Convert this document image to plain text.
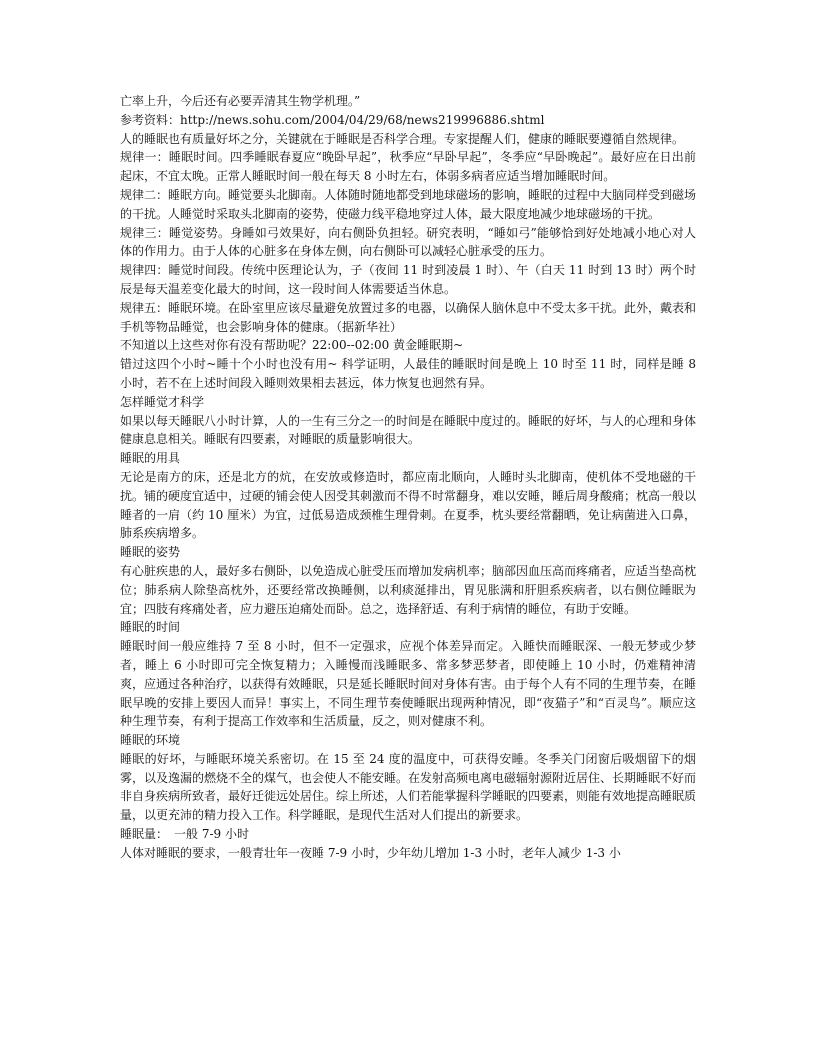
亡率上升，今后还有必要弄清其生物学机理。”

参考资料：http://news.sohu.com/2004/04/29/68/news219996886.shtml

人的睡眠也有质量好坏之分，关键就在于睡眠是否科学合理。专家提醒人们，健康的睡眠要遵循自然规律。

规律一：睡眠时间。四季睡眠春夏应“晚卧早起”，秋季应“早卧早起”，冬季应“早卧晚起”。最好应在日出前起床，不宜太晚。正常人睡眠时间一般在每天 8 小时左右，体弱多病者应适当增加睡眠时间。

规律二：睡眠方向。睡觉要头北脚南。人体随时随地都受到地球磁场的影响，睡眠的过程中大脑同样受到磁场的干扰。人睡觉时采取头北脚南的姿势，使磁力线平稳地穿过人体，最大限度地减少地球磁场的干扰。

规律三：睡觉姿势。身睡如弓效果好，向右侧卧负担轻。研究表明，“睡如弓”能够恰到好处地减小地心对人体的作用力。由于人体的心脏多在身体左侧，向右侧卧可以减轻心脏承受的压力。

规律四：睡觉时间段。传统中医理论认为，子（夜间 11 时到凌晨 1 时）、午（白天 11 时到 13 时）两个时辰是每天温差变化最大的时间，这一段时间人体需要适当休息。

规律五：睡眠环境。在卧室里应该尽量避免放置过多的电器，以确保人脑休息中不受太多干扰。此外，戴表和手机等物品睡觉，也会影响身体的健康。（据新华社）

不知道以上这些对你有没有帮助呢？22:00--02:00 黄金睡眠期~

错过这四个小时~睡十个小时也没有用~ 科学证明，人最佳的睡眠时间是晚上 10 时至 11 时，同样是睡 8 小时，若不在上述时间段入睡则效果相去甚远，体力恢复也迥然有异。

怎样睡觉才科学

如果以每天睡眠八小时计算，人的一生有三分之一的时间是在睡眠中度过的。睡眠的好坏，与人的心理和身体健康息息相关。睡眠有四要素，对睡眠的质量影响很大。

睡眠的用具

无论是南方的床，还是北方的炕，在安放或修造时，都应南北顺向，人睡时头北脚南，使机体不受地磁的干扰。铺的硬度宜适中，过硬的铺会使人因受其刺激而不得不时常翻身，难以安睡，睡后周身酸痛；枕高一般以睡者的一肩（约 10 厘米）为宜，过低易造成颈椎生理骨刺。在夏季，枕头要经常翻晒，免让病菌进入口鼻，肺系疾病增多。

睡眠的姿势

有心脏疾患的人，最好多右侧卧，以免造成心脏受压而增加发病机率；脑部因血压高而疼痛者，应适当垫高枕位；肺系病人除垫高枕外，还要经常改换睡侧，以利痰涎排出，胃见胀满和肝胆系疾病者，以右侧位睡眠为宜；四肢有疼痛处者，应力避压迫痛处而卧。总之，选择舒适、有利于病情的睡位，有助于安睡。

睡眠的时间

睡眠时间一般应维持 7 至 8 小时，但不一定强求，应视个体差异而定。入睡快而睡眠深、一般无梦或少梦者，睡上 6 小时即可完全恢复精力；入睡慢而浅睡眠多、常多梦恶梦者，即使睡上 10 小时，仍难精神清爽，应通过各种治疗，以获得有效睡眠，只是延长睡眠时间对身体有害。由于每个人有不同的生理节奏，在睡眠早晚的安排上要因人而异！事实上，不同生理节奏使睡眠出现两种情况，即“夜猫子”和“百灵鸟”。顺应这种生理节奏，有利于提高工作效率和生活质量，反之，则对健康不利。

睡眠的环境

睡眠的好坏，与睡眠环境关系密切。在 15 至 24 度的温度中，可获得安睡。冬季关门闭窗后吸烟留下的烟雾，以及逸漏的燃烧不全的煤气，也会使人不能安睡。在发射高频电离电磁辐射源附近居住、长期睡眠不好而非自身疾病所致者，最好迁徙远处居住。综上所述，人们若能掌握科学睡眠的四要素，则能有效地提高睡眠质量，以更充沛的精力投入工作。科学睡眠，是现代生活对人们提出的新要求。

睡眠量：　一般 7-9 小时

人体对睡眠的要求，一般青壮年一夜睡 7-9 小时，少年幼儿增加 1-3 小时，老年人减少 1-3 小
